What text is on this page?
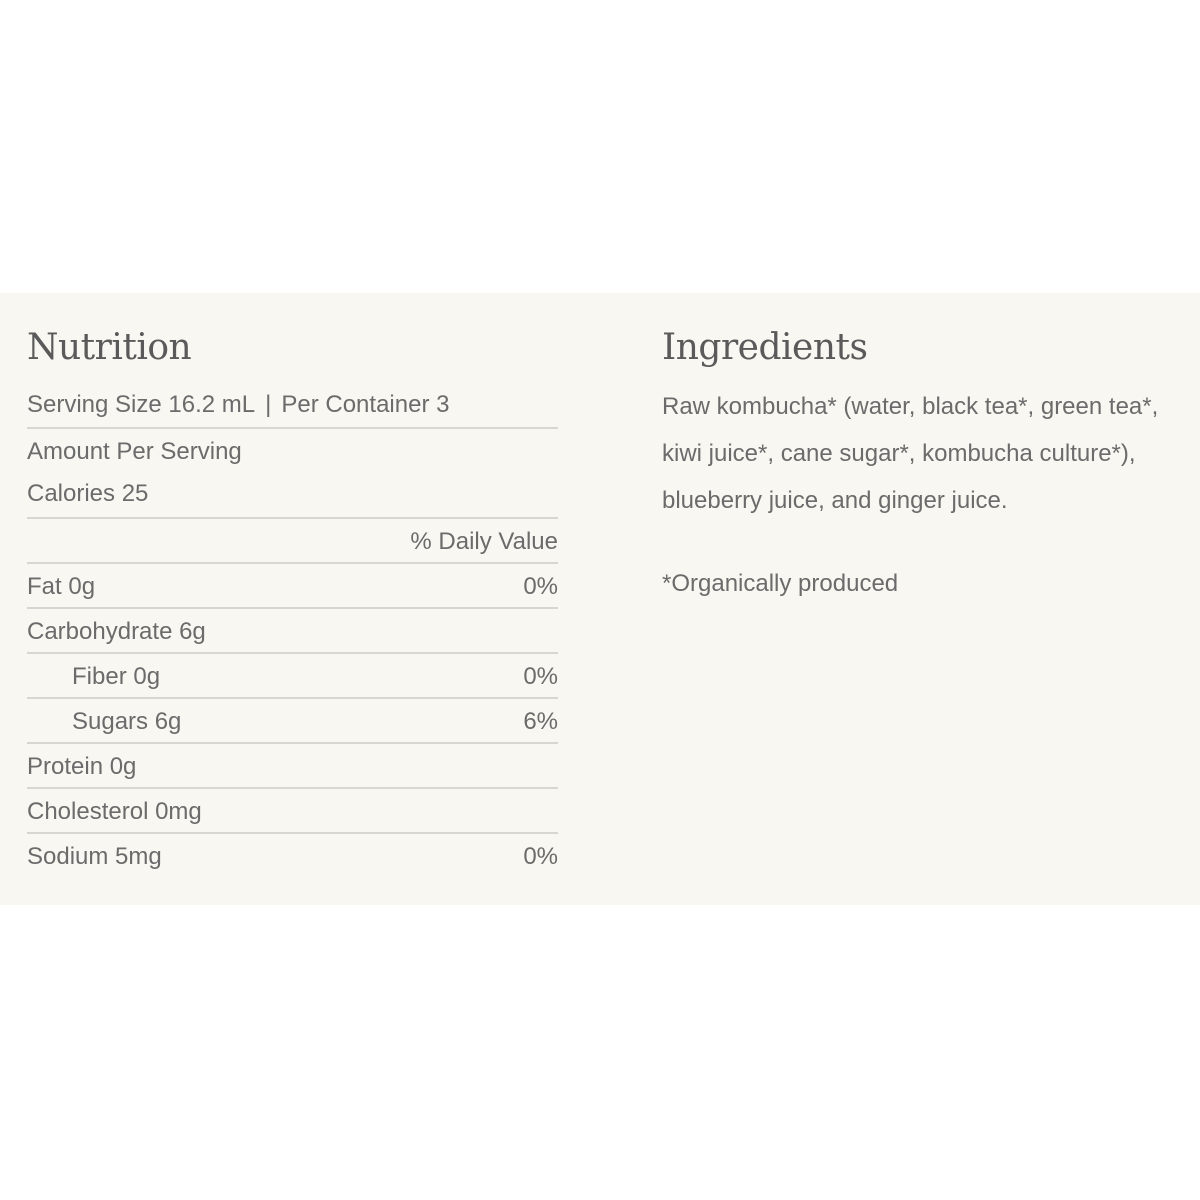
Nutrition
Serving Size 16.2 mL | Per Container 3
Amount Per Serving
Calories 25
% Daily Value
Fat 0g	0%
Carbohydrate 6g
Fiber 0g	0%
Sugars 6g	6%
Protein 0g
Cholesterol 0mg
Sodium 5mg	0%
Ingredients

Raw kombucha* (water, black tea*, green tea*,
kiwi juice*, cane sugar*, kombucha culture*),
blueberry juice, and ginger juice.

*Organically produced
